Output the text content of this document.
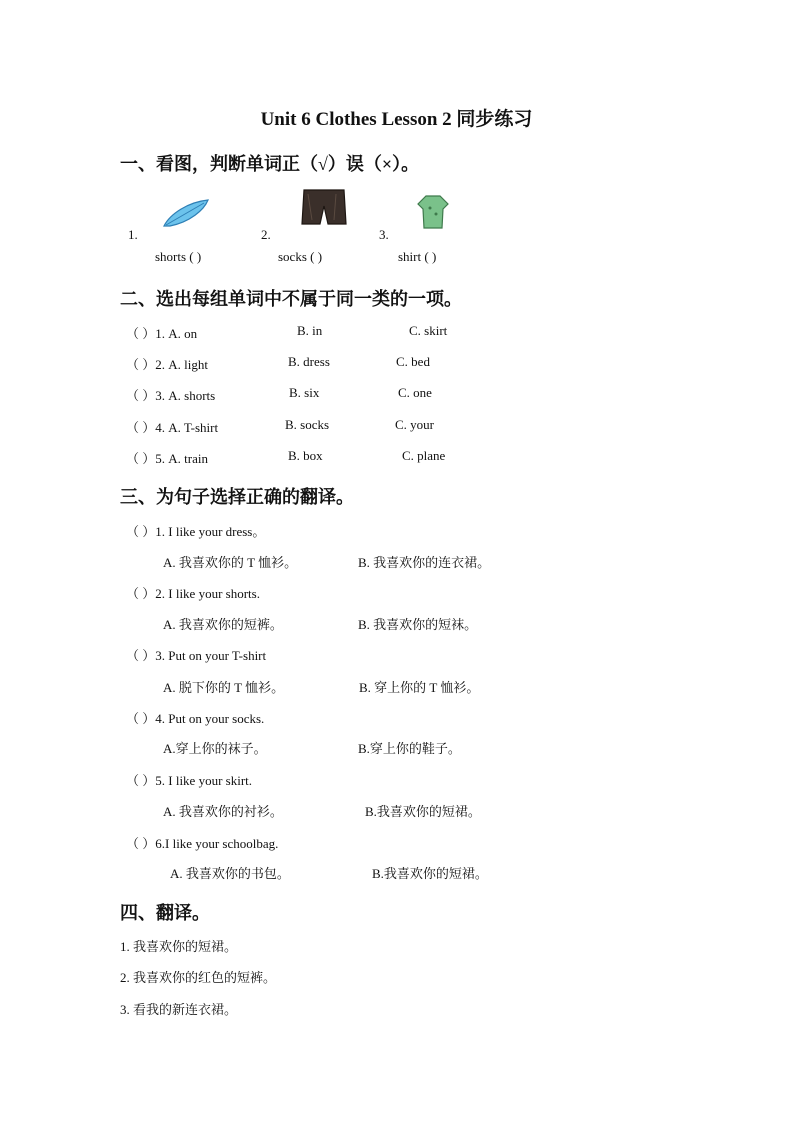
Unit 6 Clothes Lesson 2 同步练习
一、看图，判断单词正（√）误（×）。
1.
shorts ( )
2.
socks ( )
3.
shirt ( )
二、选出每组单词中不属于同一类的一项。
（ ）1. A. on	B. in	C. skirt
（ ）2. A. light	B. dress	C. bed
（ ）3. A. shorts	B. six	C. one
（ ）4. A. T-shirt	B. socks	C. your
（ ）5. A. train	B. box	C. plane
三、为句子选择正确的翻译。
（ ）1. I like your dress。
A. 我喜欢你的 T 恤衫。	B. 我喜欢你的连衣裙。
（ ）2. I like your shorts.
A. 我喜欢你的短裤。	B. 我喜欢你的短袜。
（ ）3. Put on your T-shirt
A. 脱下你的 T 恤衫。	B. 穿上你的 T 恤衫。
（ ）4. Put on your socks.
A.穿上你的袜子。	B.穿上你的鞋子。
（ ）5. I like your skirt.
A. 我喜欢你的衬衫。	B.我喜欢你的短裙。
（ ）6.I like your schoolbag.
A. 我喜欢你的书包。	B.我喜欢你的短裙。
四、翻译。
1. 我喜欢你的短裙。
2. 我喜欢你的红色的短裤。
3. 看我的新连衣裙。
